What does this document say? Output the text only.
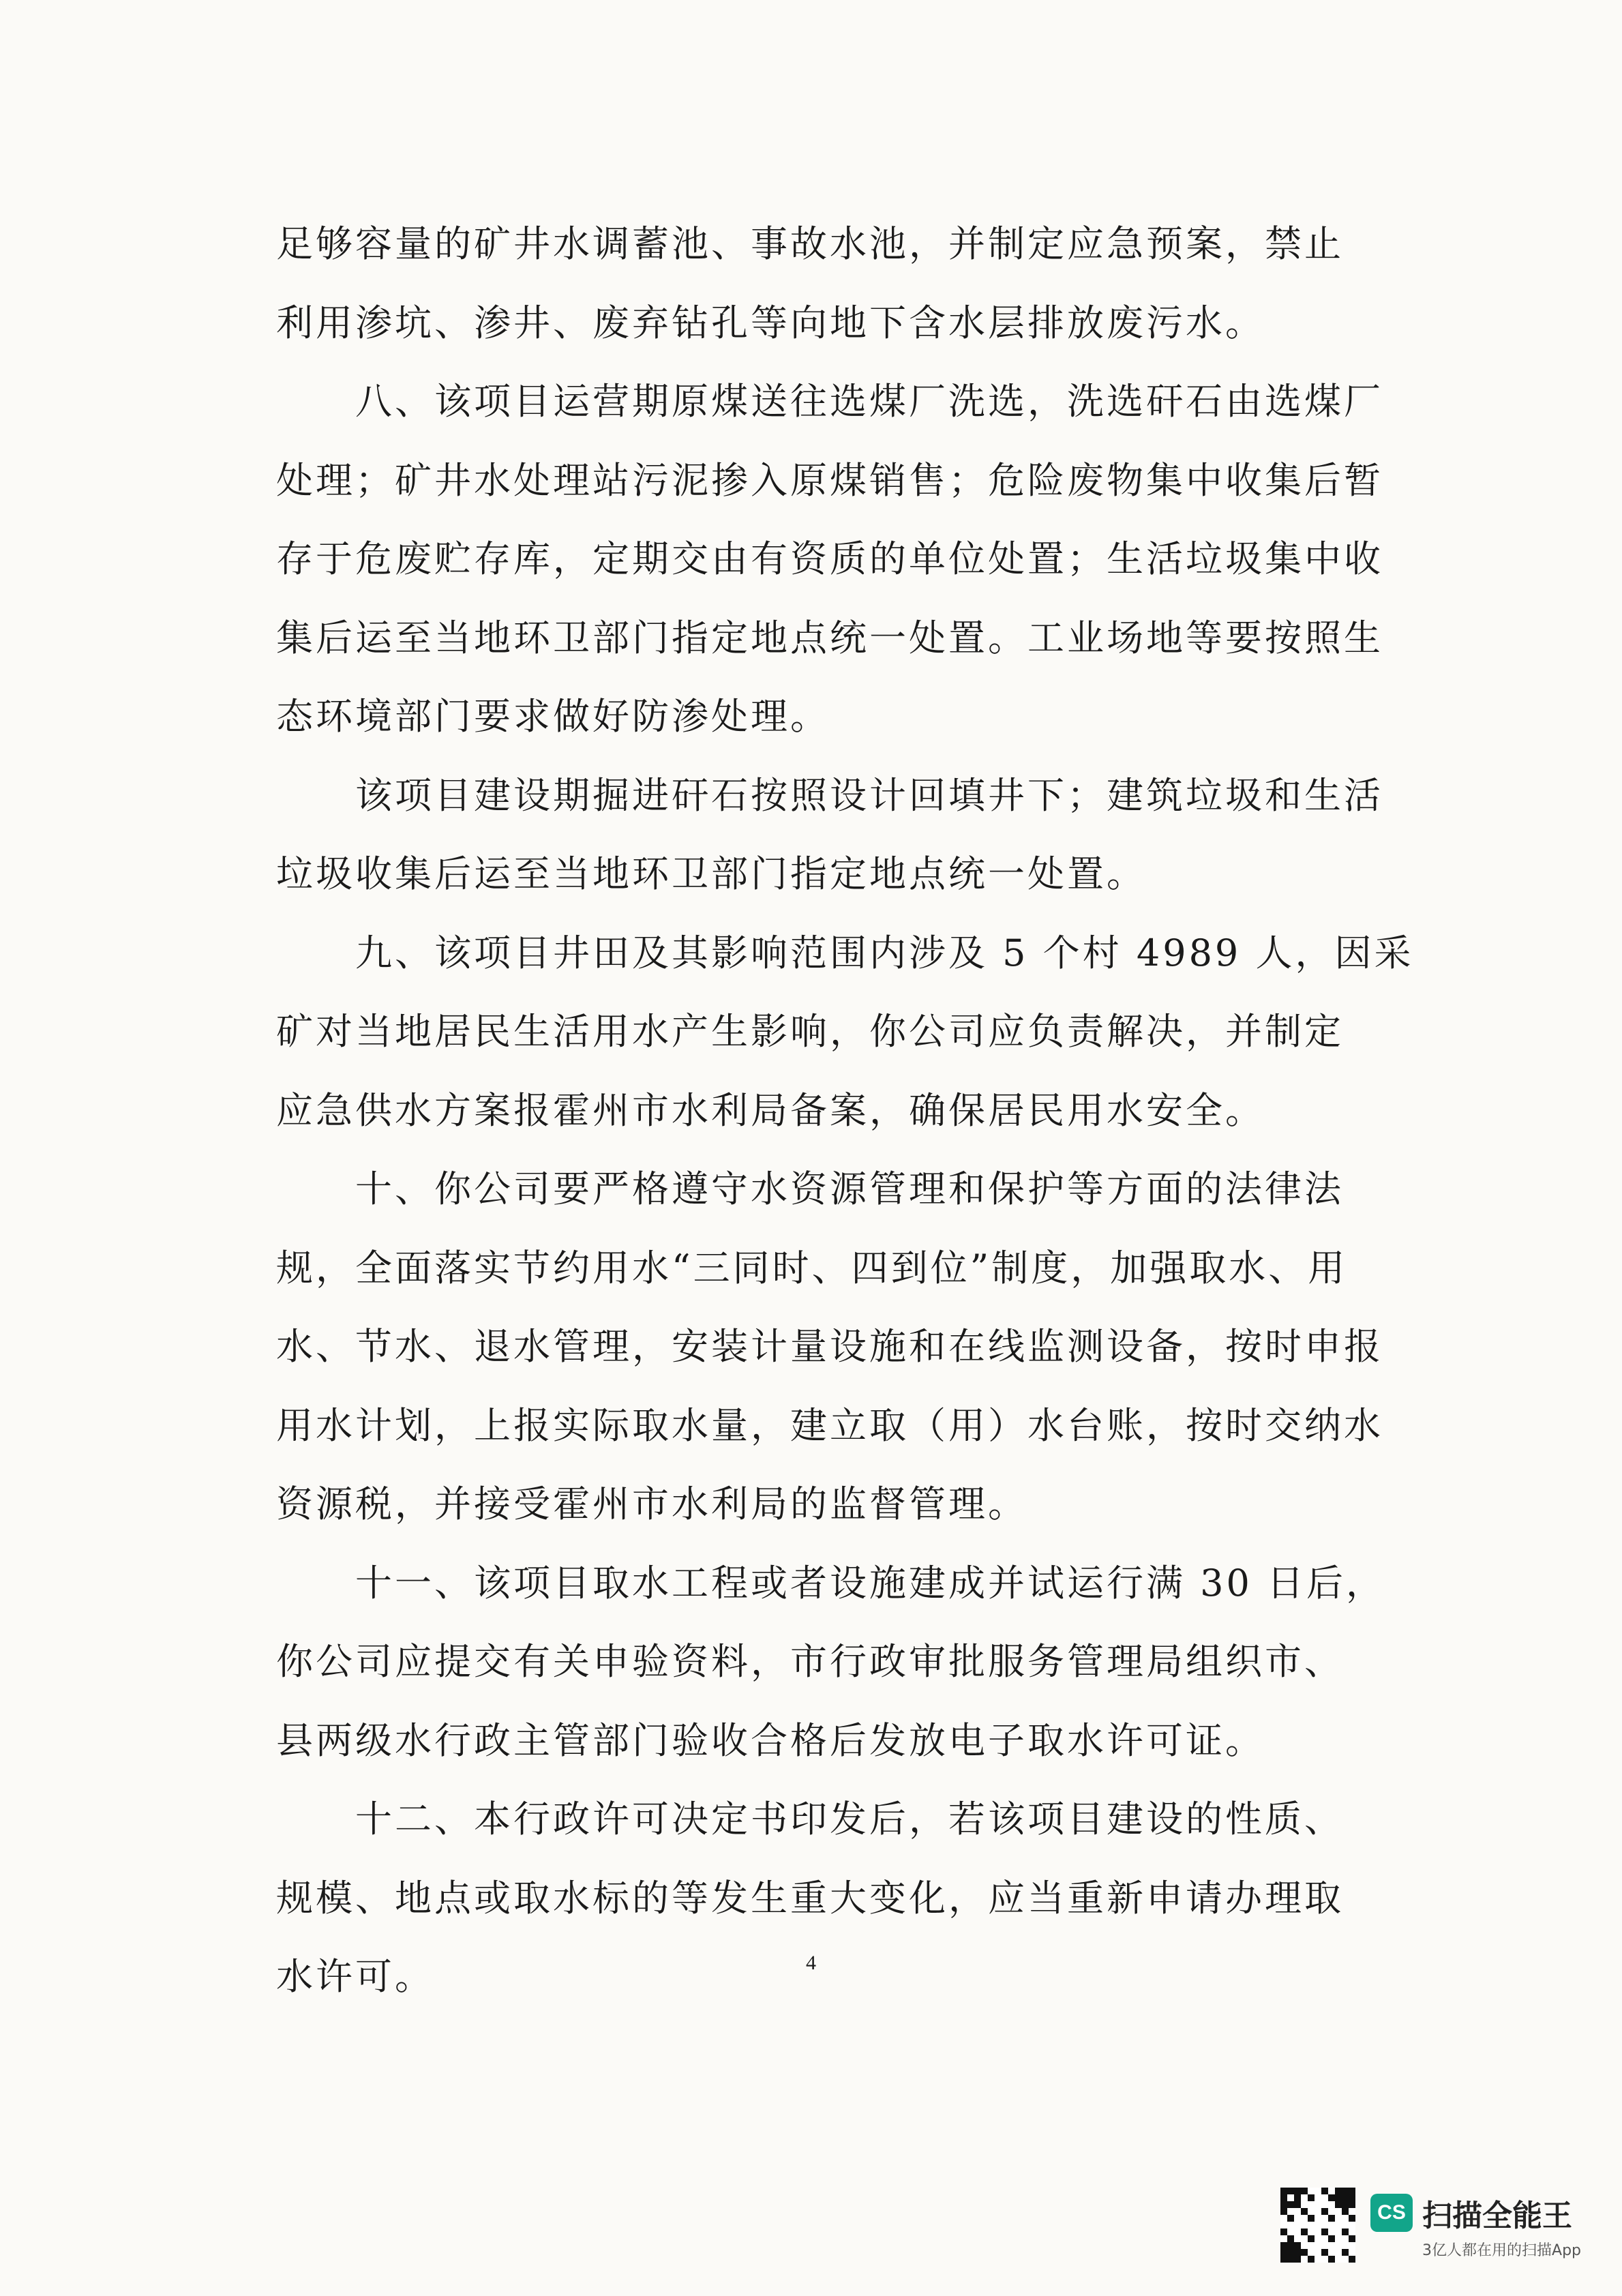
足够容量的矿井水调蓄池、事故水池，并制定应急预案，禁止
利用渗坑、渗井、废弃钻孔等向地下含水层排放废污水。
　　八、该项目运营期原煤送往选煤厂洗选，洗选矸石由选煤厂
处理；矿井水处理站污泥掺入原煤销售；危险废物集中收集后暂
存于危废贮存库，定期交由有资质的单位处置；生活垃圾集中收
集后运至当地环卫部门指定地点统一处置。工业场地等要按照生
态环境部门要求做好防渗处理。
　　该项目建设期掘进矸石按照设计回填井下；建筑垃圾和生活
垃圾收集后运至当地环卫部门指定地点统一处置。
　　九、该项目井田及其影响范围内涉及 5 个村 4989 人，因采
矿对当地居民生活用水产生影响，你公司应负责解决，并制定
应急供水方案报霍州市水利局备案，确保居民用水安全。
　　十、你公司要严格遵守水资源管理和保护等方面的法律法
规，全面落实节约用水“三同时、四到位”制度，加强取水、用
水、节水、退水管理，安装计量设施和在线监测设备，按时申报
用水计划，上报实际取水量，建立取（用）水台账，按时交纳水
资源税，并接受霍州市水利局的监督管理。
　　十一、该项目取水工程或者设施建成并试运行满 30 日后，
你公司应提交有关申验资料，市行政审批服务管理局组织市、
县两级水行政主管部门验收合格后发放电子取水许可证。
　　十二、本行政许可决定书印发后，若该项目建设的性质、
规模、地点或取水标的等发生重大变化，应当重新申请办理取
水许可。	4
CS 扫描全能王
3亿人都在用的扫描App
